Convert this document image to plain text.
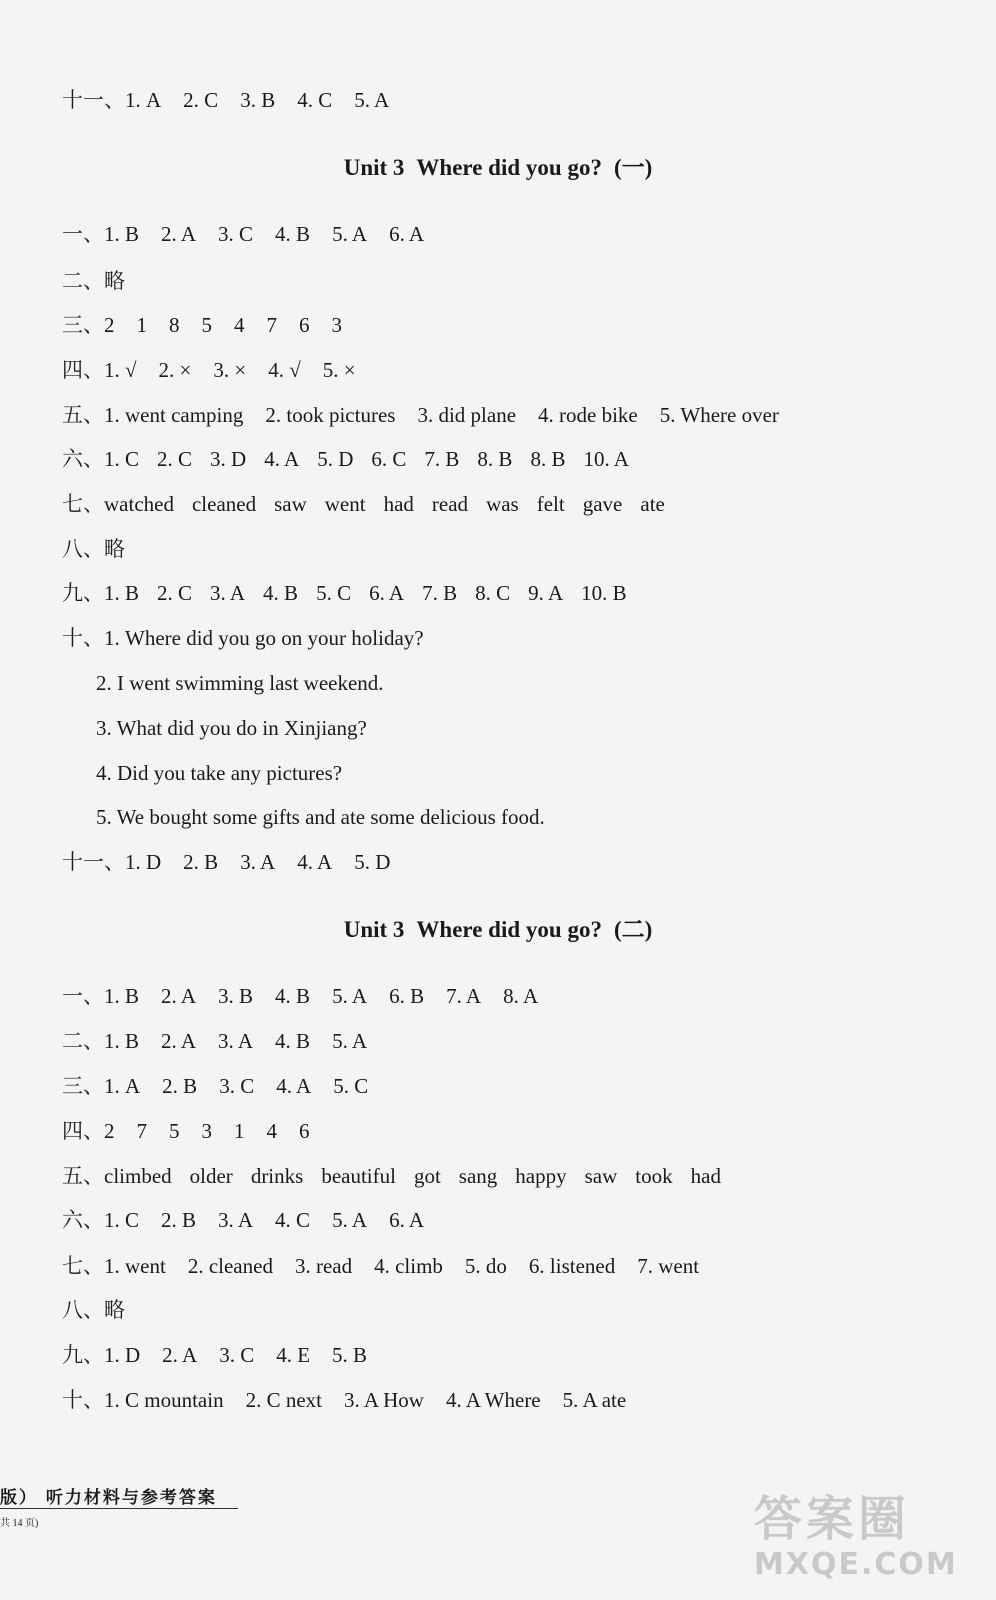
Unit 3 Where did you go? (一)
Unit 3 Where did you go? (二)
十一、1. A 2. C 3. B 4. C 5. A
一、1. B 2. A 3. C 4. B 5. A 6. A
二、略
三、2 1 8 5 4 7 6 3
四、1. √ 2. × 3. × 4. √ 5. ×
五、1. went camping 2. took pictures 3. did plane 4. rode bike 5. Where over
六、1. C 2. C 3. D 4. A 5. D 6. C 7. B 8. B 8. B 10. A
七、watched cleaned saw went had read was felt gave ate
八、略
九、1. B 2. C 3. A 4. B 5. C 6. A 7. B 8. C 9. A 10. B
十、1. Where did you go on your holiday?
2. I went swimming last weekend.
3. What did you do in Xinjiang?
4. Did you take any pictures?
5. We bought some gifts and ate some delicious food.
十一、1. D 2. B 3. A 4. A 5. D
一、1. B 2. A 3. B 4. B 5. A 6. B 7. A 8. A
二、1. B 2. A 3. A 4. B 5. A
三、1. A 2. B 3. C 4. A 5. C
四、2 7 5 3 1 4 6
五、climbed older drinks beautiful got sang happy saw took had
六、1. C 2. B 3. A 4. C 5. A 6. A
七、1. went 2. cleaned 3. read 4. climb 5. do 6. listened 7. went
八、略
九、1. D 2. A 3. C 4. E 5. B
十、1. C mountain 2. C next 3. A How 4. A Where 5. A ate
版） 听力材料与参考答案
共 14 页)	答案圈
MXQE.COM
